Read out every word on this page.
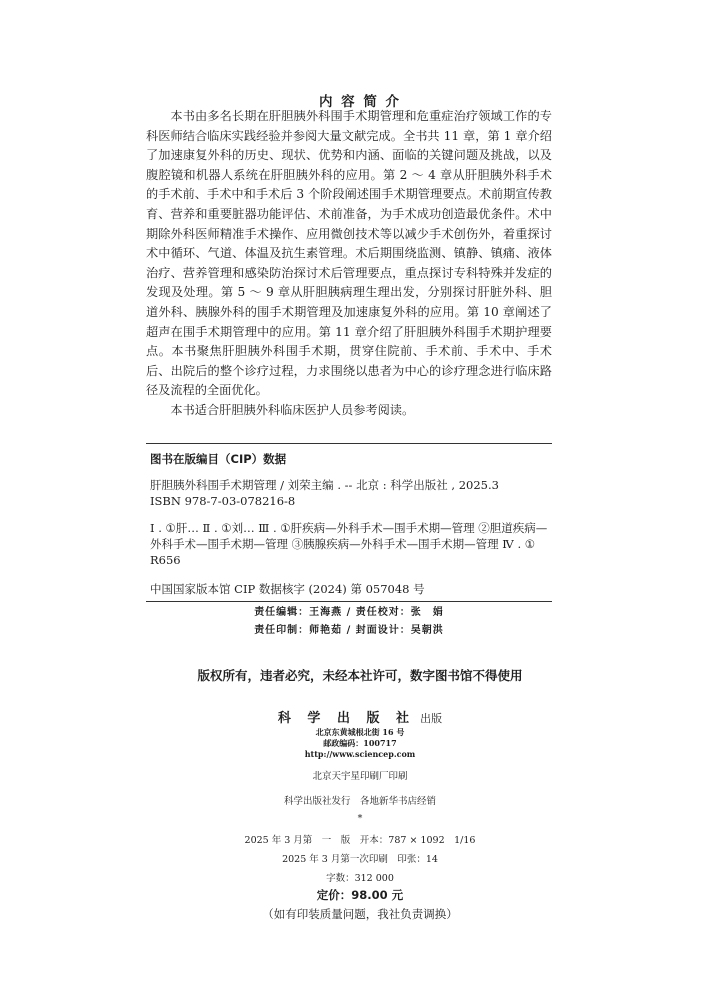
内 容 简 介

本书由多名长期在肝胆胰外科围手术期管理和危重症治疗领域工作的专科医师结合临床实践经验并参阅大量文献完成。全书共 11 章，第 1 章介绍了加速康复外科的历史、现状、优势和内涵、面临的关键问题及挑战，以及腹腔镜和机器人系统在肝胆胰外科的应用。第 2 ～ 4 章从肝胆胰外科手术的手术前、手术中和手术后 3 个阶段阐述围手术期管理要点。术前期宣传教育、营养和重要脏器功能评估、术前准备，为手术成功创造最优条件。术中期除外科医师精准手术操作、应用微创技术等以减少手术创伤外，着重探讨术中循环、气道、体温及抗生素管理。术后期围绕监测、镇静、镇痛、液体治疗、营养管理和感染防治探讨术后管理要点，重点探讨专科特殊并发症的发现及处理。第 5 ～ 9 章从肝胆胰病理生理出发，分别探讨肝脏外科、胆道外科、胰腺外科的围手术期管理及加速康复外科的应用。第 10 章阐述了超声在围手术期管理中的应用。第 11 章介绍了肝胆胰外科围手术期护理要点。本书聚焦肝胆胰外科围手术期，贯穿住院前、手术前、手术中、手术后、出院后的整个诊疗过程，力求围绕以患者为中心的诊疗理念进行临床路径及流程的全面优化。

本书适合肝胆胰外科临床医护人员参考阅读。

图书在版编目（CIP）数据
肝胆胰外科围手术期管理 / 刘荣主编 . -- 北京 : 科学出版社 , 2025.3
ISBN 978-7-03-078216-8
Ⅰ . ①肝… Ⅱ . ①刘… Ⅲ . ①肝疾病—外科手术—围手术期—管理 ②胆道疾病—外科手术—围手术期—管理 ③胰腺疾病—外科手术—围手术期—管理 Ⅳ . ① R656
中国国家版本馆 CIP 数据核字 (2024) 第 057048 号
责任编辑：王海燕 / 责任校对：张　娟
责任印制：师艳茹 / 封面设计：吴朝洪
版权所有，违者必究，未经本社许可，数字图书馆不得使用
科 学 出 版 社 出版
北京东黄城根北街 16 号
邮政编码：100717
http://www.sciencep.com
北京天宇星印刷厂印刷
科学出版社发行　各地新华书店经销
*
2025 年 3 月第　一　版　开本：787 × 1092　1/16
2025 年 3 月第一次印刷　印张：14
字数：312 000
定价：98.00 元
（如有印装质量问题，我社负责调换）
